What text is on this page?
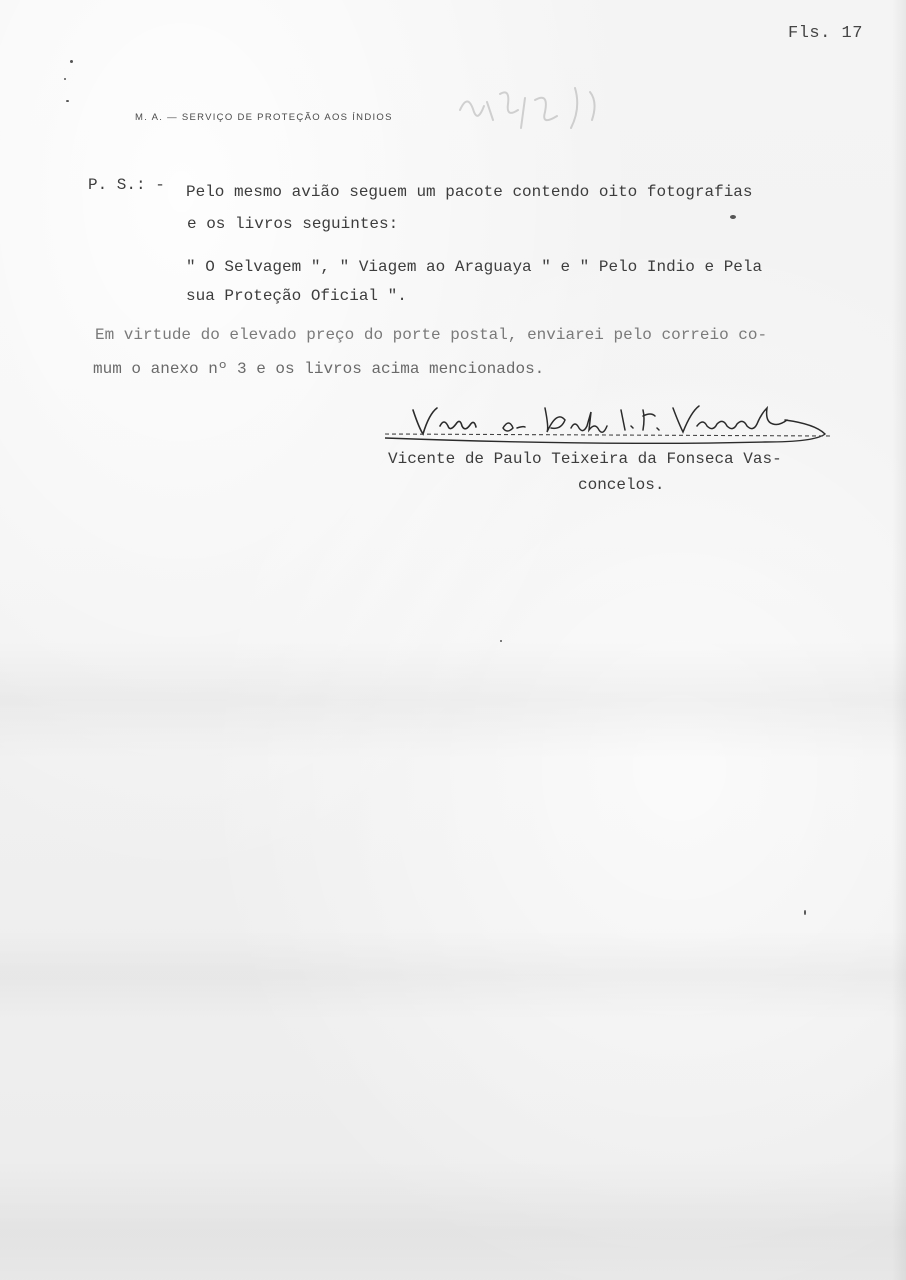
Fls. 17
M. A. — SERVIÇO DE PROTEÇÃO AOS ÍNDIOS
P. S.: - Pelo mesmo avião seguem um pacote contendo oito fotografias
e os livros seguintes:
" O Selvagem ", " Viagem ao Araguaya " e " Pelo Indio e Pela
sua Proteção Oficial ".
Em virtude do elevado preço do porte postal, enviarei pelo correio co-
mum o anexo nº 3 e os livros acima mencionados.
Vicente de Paulo Teixeira da Fonseca Vas-
concelos.
